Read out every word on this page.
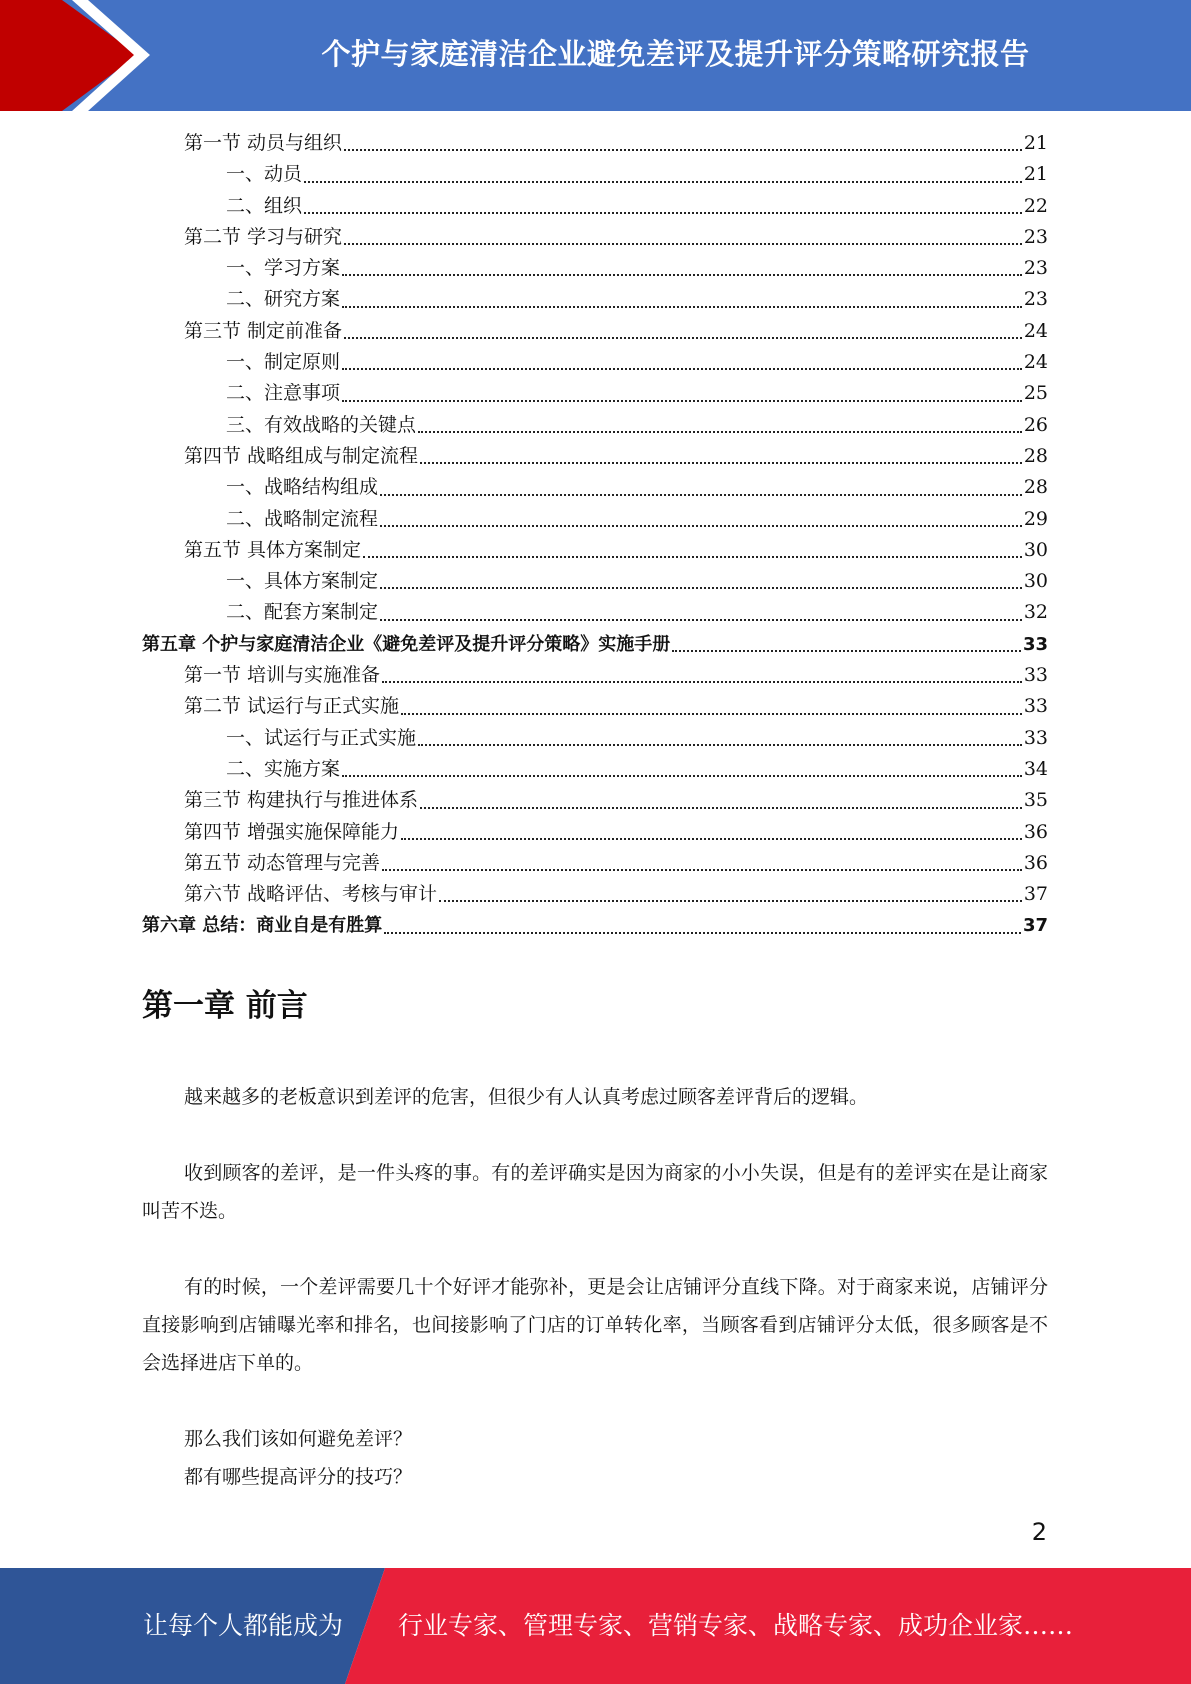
个护与家庭清洁企业避免差评及提升评分策略研究报告
第一节 动员与组织	21
一、动员	21
二、组织	22
第二节 学习与研究	23
一、学习方案	23
二、研究方案	23
第三节 制定前准备	24
一、制定原则	24
二、注意事项	25
三、有效战略的关键点	26
第四节 战略组成与制定流程	28
一、战略结构组成	28
二、战略制定流程	29
第五节 具体方案制定	30
一、具体方案制定	30
二、配套方案制定	32
第五章 个护与家庭清洁企业《避免差评及提升评分策略》实施手册	33
第一节 培训与实施准备	33
第二节 试运行与正式实施	33
一、试运行与正式实施	33
二、实施方案	34
第三节 构建执行与推进体系	35
第四节 增强实施保障能力	36
第五节 动态管理与完善	36
第六节 战略评估、考核与审计	37
第六章 总结：商业自是有胜算	37
第一章 前言

越来越多的老板意识到差评的危害，但很少有人认真考虑过顾客差评背后的逻辑。

收到顾客的差评，是一件头疼的事。有的差评确实是因为商家的小小失误，但是有的差评实在是让商家叫苦不迭。

有的时候，一个差评需要几十个好评才能弥补，更是会让店铺评分直线下降。对于商家来说，店铺评分直接影响到店铺曝光率和排名，也间接影响了门店的订单转化率，当顾客看到店铺评分太低，很多顾客是不会选择进店下单的。

那么我们该如何避免差评？

都有哪些提高评分的技巧？

2
让每个人都能成为 行业专家、管理专家、营销专家、战略专家、成功企业家……
